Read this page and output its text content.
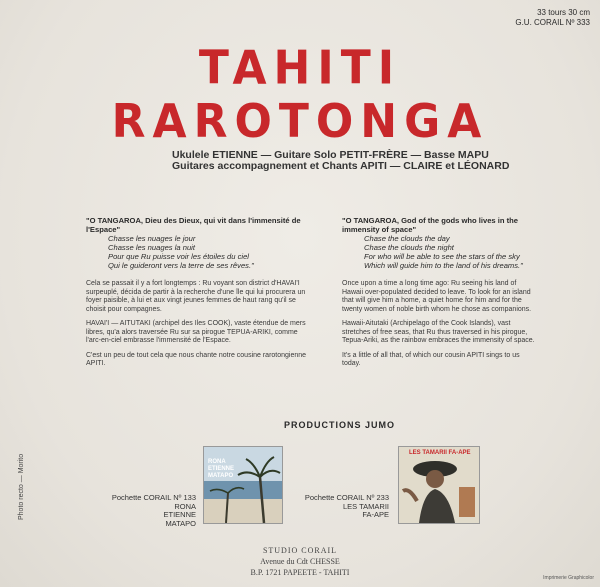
33 tours 30 cm
G.U. CORAIL Nº 333
TAHITI RAROTONGA
Ukulele ETIENNE — Guitare Solo PETIT-FRÈRE — Basse MAPU
Guitares accompagnement et Chants APITI — CLAIRE et LÉONARD
"O TANGAROA, Dieu des Dieux, qui vit dans l'immensité de l'Espace"
Chasse les nuages le jour
Chasse les nuages la nuit
Pour que Ru puisse voir les étoiles du ciel
Qui le guideront vers la terre de ses rêves."

Cela se passait il y a fort longtemps : Ru voyant son district d'HAVAI'I surpeuplé, décida de partir à la recherche d'une île qui lui procurera un foyer paisible, à lui et aux vingt jeunes femmes de haut rang qu'il se choisit pour compagnes.

HAVAI'I — AITUTAKI (archipel des Iles COOK), vaste étendue de mers libres, qu'a alors traversée Ru sur sa pirogue TEPUA-ARIKI, comme l'arc-en-ciel embrasse l'immensité de l'Espace.

C'est un peu de tout cela que nous chante notre cousine rarotongienne APITI.

"O TANGAROA, God of the gods who lives in the immensity of space"
Chase the clouds the day
Chase the clouds the night
For who will be able to see the stars of the sky
Which will guide him to the land of his dreams."

Once upon a time a long time ago: Ru seeing his land of Hawaii over-populated decided to leave. To look for an island that will give him a home, a quiet home for him and for the twenty women of noble birth whom he chose as companions.

Hawaii-Aitutaki (Archipelago of the Cook Islands), vast stretches of free seas, that Ru thus traversed in his pirogue, Tepua-Ariki, as the rainbow embraces the immensity of space.

It's a little of all that, of which our cousin APITI sings to us today.

PRODUCTIONS JUMO
RONA ETIENNE MATAPO
Pochette CORAIL Nº 133
RONA
ETIENNE
MATAPO
LES TAMARII FA-APE
Pochette CORAIL Nº 233
LES TAMARII
FA-APE
STUDIO CORAIL
Avenue du Cdt CHESSE
B.P. 1721 PAPEETE - TAHITI
Photo recto — Morito
Imprimerie Graphicolor
